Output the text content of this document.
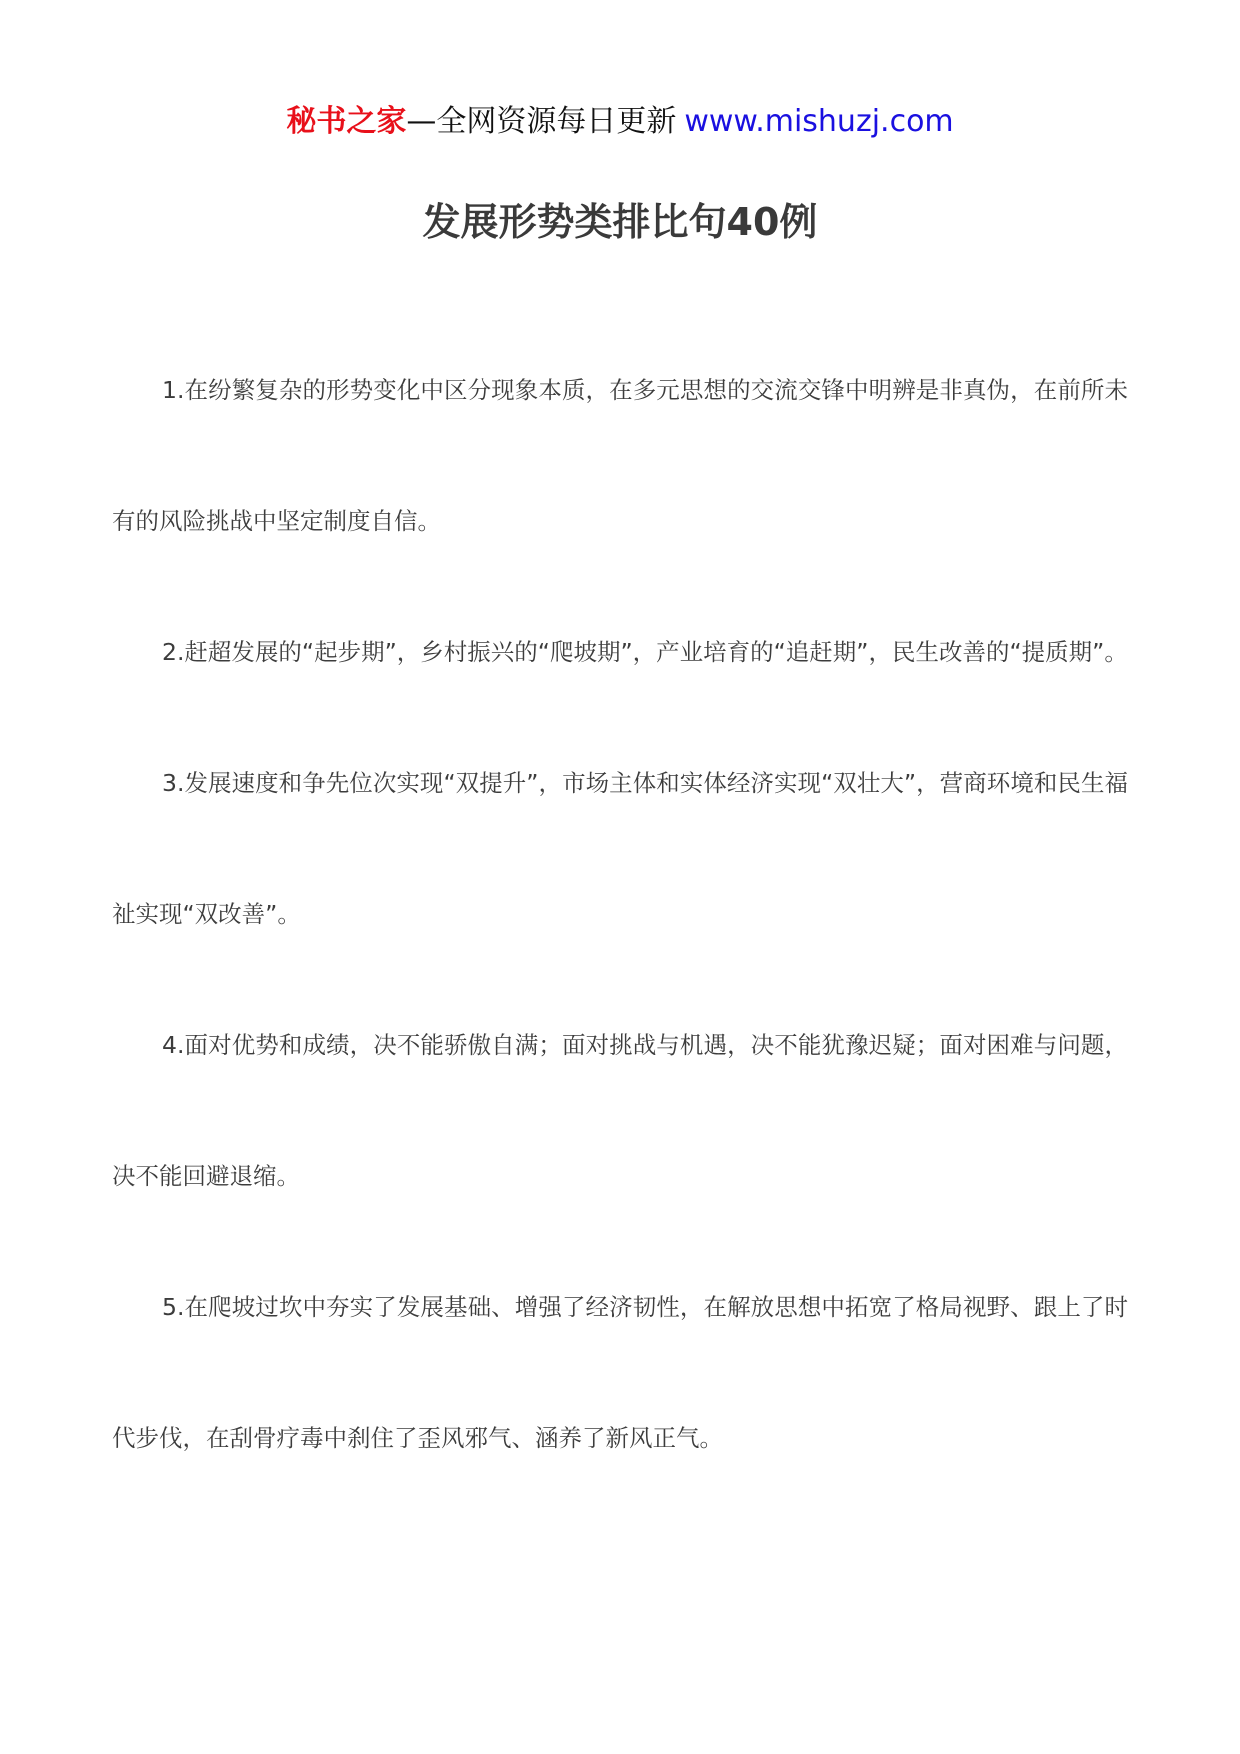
秘书之家—全网资源每日更新 www.mishuzj.com
发展形势类排比句40例

1.在纷繁复杂的形势变化中区分现象本质，在多元思想的交流交锋中明辨是非真伪，在前所未有的风险挑战中坚定制度自信。

2.赶超发展的“起步期”，乡村振兴的“爬坡期”，产业培育的“追赶期”，民生改善的“提质期”。

3.发展速度和争先位次实现“双提升”，市场主体和实体经济实现“双壮大”，营商环境和民生福祉实现“双改善”。

4.面对优势和成绩，决不能骄傲自满；面对挑战与机遇，决不能犹豫迟疑；面对困难与问题，决不能回避退缩。

5.在爬坡过坎中夯实了发展基础、增强了经济韧性，在解放思想中拓宽了格局视野、跟上了时代步伐，在刮骨疗毒中刹住了歪风邪气、涵养了新风正气。
